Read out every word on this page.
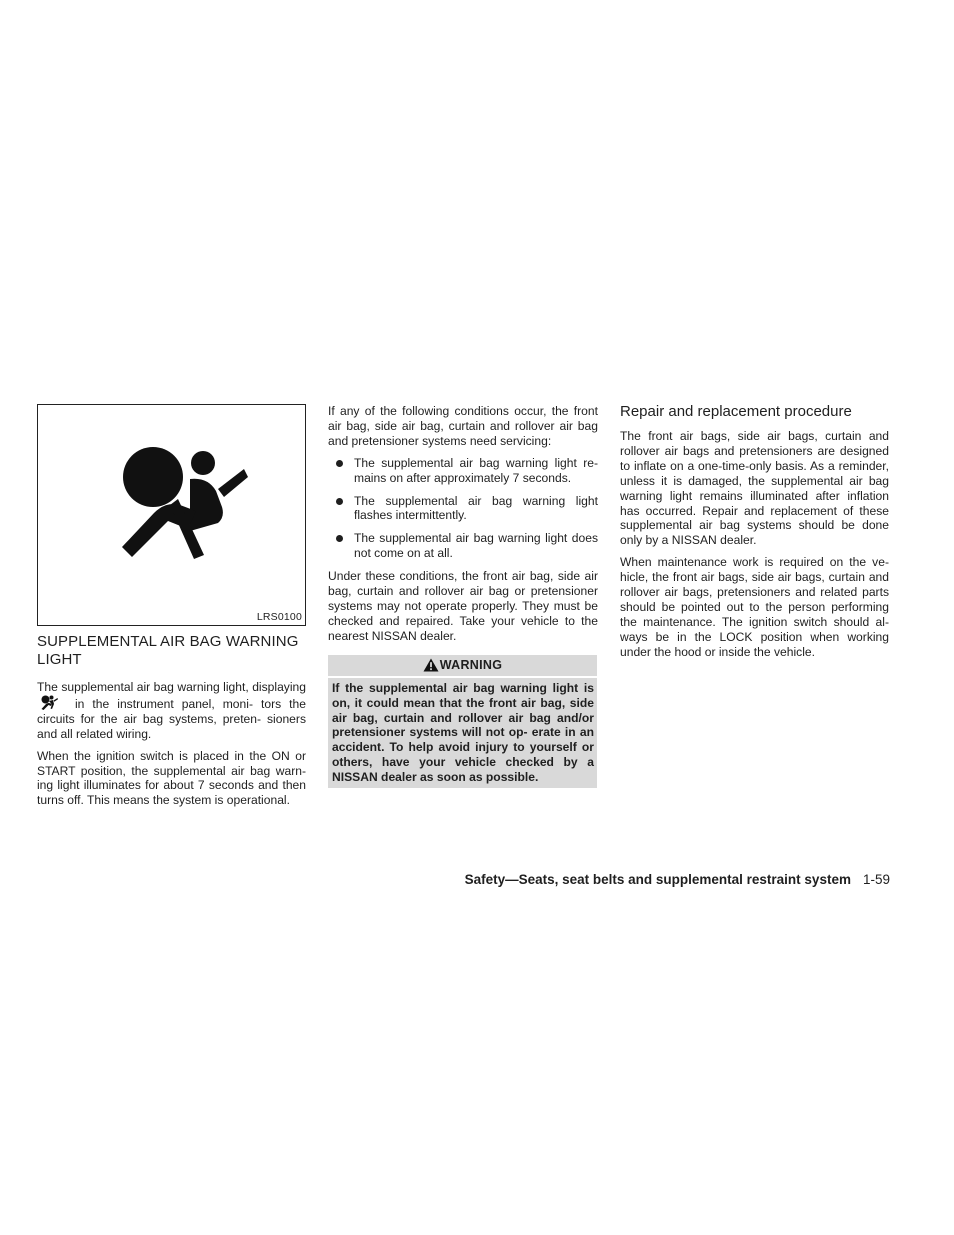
LRS0100
SUPPLEMENTAL AIR BAG WARNING LIGHT

The supplemental air bag warning light, displayingin the instrument panel, moni- tors the circuits for the air bag systems, preten- sioners and all related wiring.

When the ignition switch is placed in the ON or START position, the supplemental air bag warn- ing light illuminates for about 7 seconds and then turns off. This means the system is operational.

If any of the following conditions occur, the front air bag, side air bag, curtain and rollover air bag and pretensioner systems need servicing:

The supplemental air bag warning light re- mains on after approximately 7 seconds.
The supplemental air bag warning light flashes intermittently.
The supplemental air bag warning light does not come on at all.

Under these conditions, the front air bag, side air bag, curtain and rollover air bag or pretensioner systems may not operate properly. They must be checked and repaired. Take your vehicle to the nearest NISSAN dealer.

WARNING
If the supplemental air bag warning light is on, it could mean that the front air bag, side air bag, curtain and rollover air bag and/or pretensioner systems will not op- erate in an accident. To help avoid injury to yourself or others, have your vehicle checked by a NISSAN dealer as soon as possible.
Repair and replacement procedure

The front air bags, side air bags, curtain and rollover air bags and pretensioners are designed to inflate on a one-time-only basis. As a reminder, unless it is damaged, the supplemental air bag warning light remains illuminated after inflation has occurred. Repair and replacement of these supplemental air bag systems should be done only by a NISSAN dealer.

When maintenance work is required on the ve- hicle, the front air bags, side air bags, curtain and rollover air bags, pretensioners and related parts should be pointed out to the person performing the maintenance. The ignition switch should al- ways be in the LOCK position when working under the hood or inside the vehicle.

Safety—Seats, seat belts and supplemental restraint system 1-59
